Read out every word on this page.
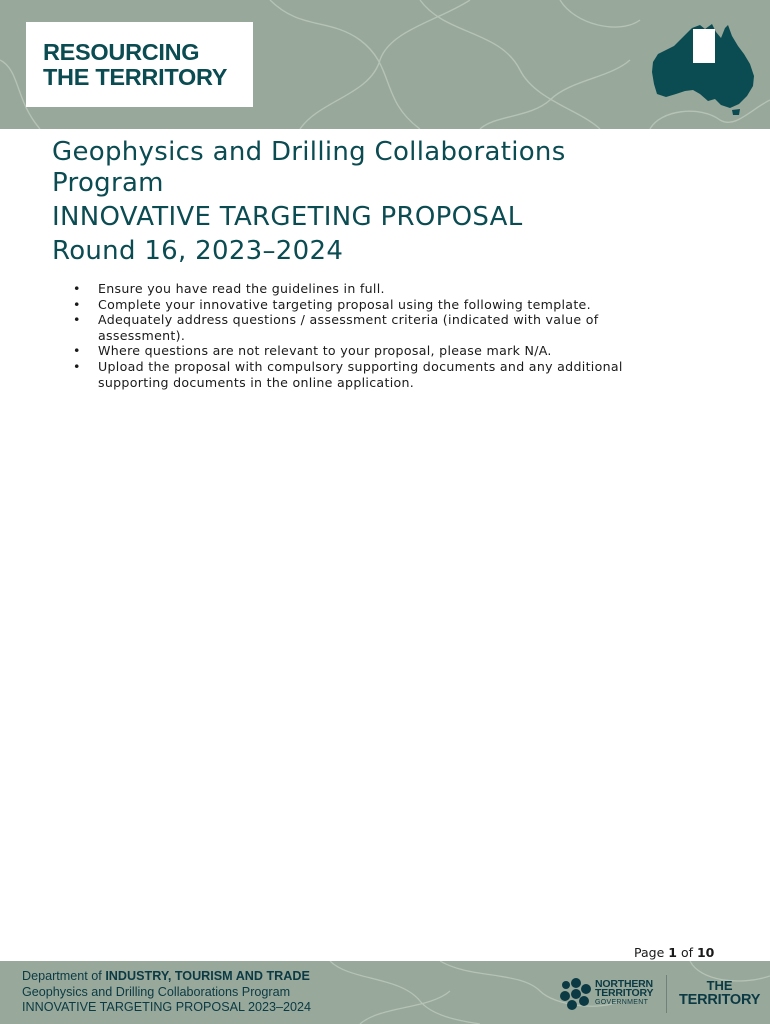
RESOURCING
THE TERRITORY
Geophysics and Drilling Collaborations
Program
INNOVATIVE TARGETING PROPOSAL
Round 16, 2023–2024
• Ensure you have read the guidelines in full.
• Complete your innovative targeting proposal using the following template.
• Adequately address questions / assessment criteria (indicated with value of
assessment).
• Where questions are not relevant to your proposal, please mark N/A.
• Upload the proposal with compulsory supporting documents and any additional
supporting documents in the online application.
Page 1 of 10
Department of INDUSTRY, TOURISM AND TRADE
Geophysics and Drilling Collaborations Program
INNOVATIVE TARGETING PROPOSAL 2023–2024
NORTHERN
TERRITORY
GOVERNMENT
THE
TERRITORY
